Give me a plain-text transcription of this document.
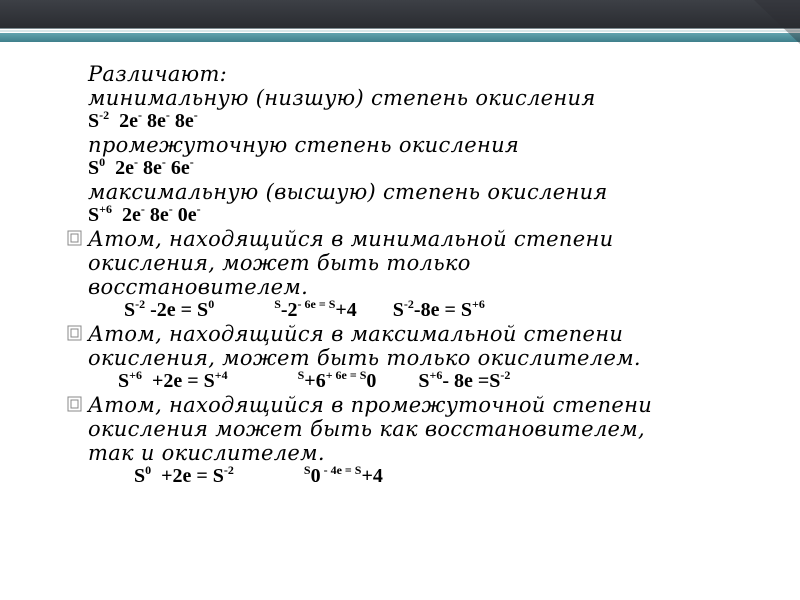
Различают:
минимальную (низшую) степень окисления
$S^{-2}$  2e- 8e- 8e-
промежуточную степень окисления
$S^0$  2e- 8e- 6e-
максимальную (высшую) степень окисления
$S^{+6}$  2e- 8e- 0e-
Атом, находящийся в минимальной степени
окисления, может быть только
восстановителем.
$S^{-2}$ $-2e = S^0$	$^S-2^{- 6e = S}+4$ $S^{-2}-8e = S^{+6}$
Атом, находящийся в максимальной степени
окисления, может быть только окислителем.
$S^{+6} +2e = S^{+4}$	$^S+6^{+ 6e = S}0$ $S^{+6}-$ $8e =S^{-2}$
Атом, находящийся в промежуточной степени
окисления может быть как восстановителем,
так и окислителем.
$S^0 +2e = S^{-2}$	$^S$0 $^{- 4e = S}$+4
